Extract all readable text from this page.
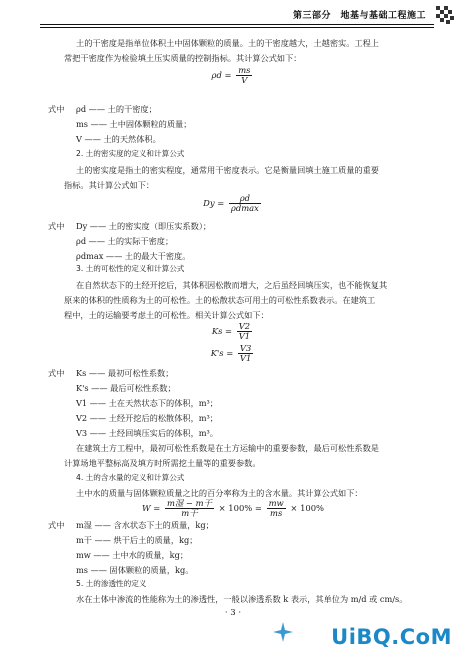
第三部分　地基与基础工程施工
土的干密度是指单位体积土中固体颗粒的质量。土的干密度越大，土越密实。工程上
常把干密度作为检验填土压实质量的控制指标。其计算公式如下：
$\rho d = \frac{ms}{V}$
式中 ρd —— 土的干密度；
ms —— 土中固体颗粒的质量；
V —— 土的天然体积。
2. 土的密实度的定义和计算公式
土的密实度是指土的密实程度，通常用干密度表示。它是衡量回填土施工质量的重要
指标。其计算公式如下：
Dy =	ρd
ρdmax
式中 Dy —— 土的密实度（即压实系数）；
ρd —— 土的实际干密度；
ρdmax —— 土的最大干密度。
3. 土的可松性的定义和计算公式
在自然状态下的土经开挖后，其体积因松散而增大，之后虽经回填压实，也不能恢复其
原来的体积的性质称为土的可松性。土的松散状态可用土的可松性系数表示。在建筑工
程中，土的运输要考虑土的可松性。相关计算公式如下：
$Ks = \frac{V2}{V1}$
$K's = \frac{V3}{V1}$
式中 Ks —— 最初可松性系数；
K's —— 最后可松性系数；
V1 —— 土在天然状态下的体积，m³；
V2 —— 土经开挖后的松散体积，m³；
V3 —— 土经回填压实后的体积，m³。
在建筑土方工程中，最初可松性系数是在土方运输中的重要参数，最后可松性系数是
计算场地平整标高及填方时所需挖土量等的重要参数。
4. 土的含水量的定义和计算公式
土中水的质量与固体颗粒质量之比的百分率称为土的含水量。其计算公式如下：
W = m湿 − m干
m干	× $100\% = \frac{mw}{ms} \times 100\%$
式中 m湿 —— 含水状态下土的质量，kg；
m干 —— 烘干后土的质量，kg；
mw —— 土中水的质量，kg；
ms —— 固体颗粒的质量，kg。
5. 土的渗透性的定义
水在土体中渗流的性能称为土的渗透性，一般以渗透系数 k 表示，其单位为 m/d 或 cm/s。
· 3 ·
UiBQ.CoM
